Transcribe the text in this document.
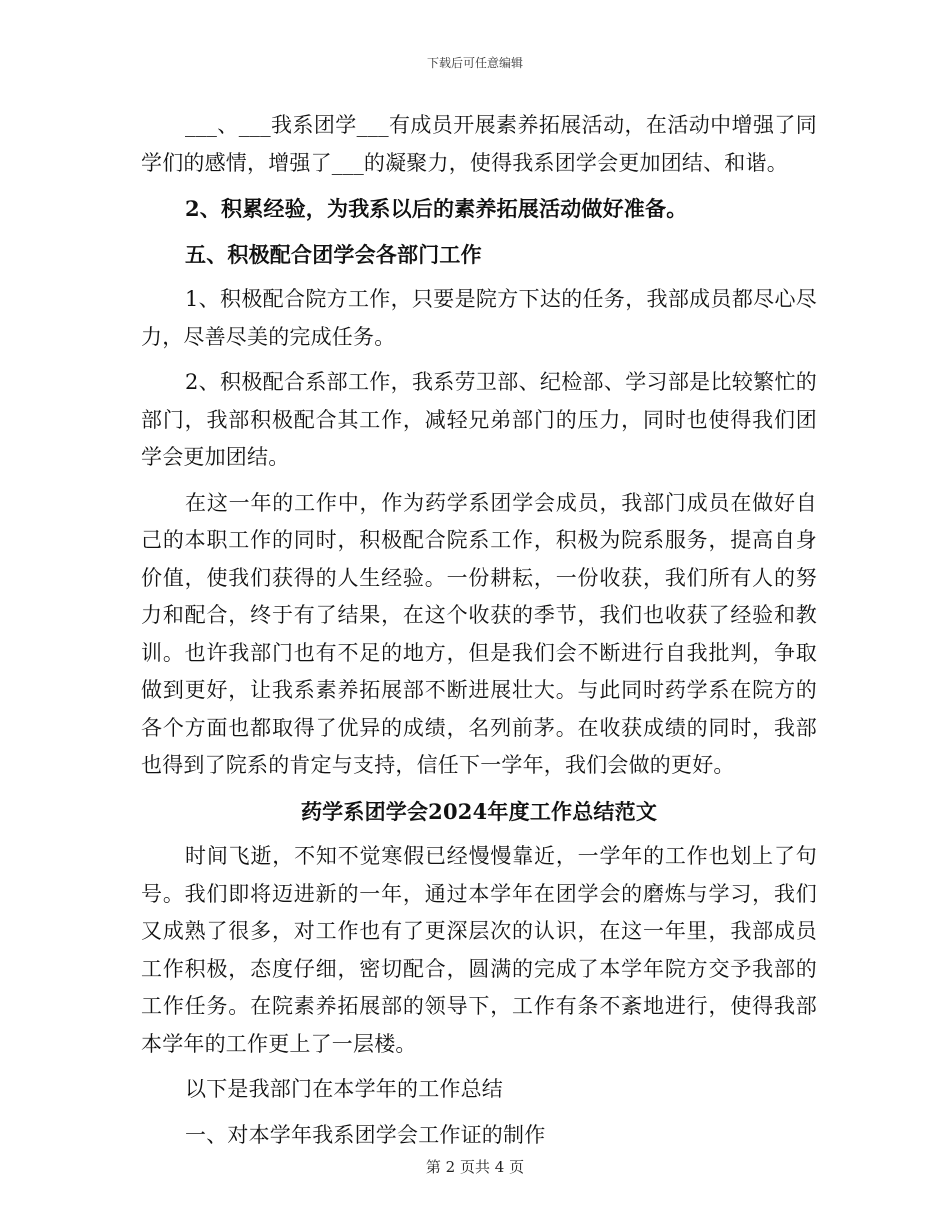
下载后可任意编辑

___、___我系团学___有成员开展素养拓展活动，在活动中增强了同学们的感情，增强了___的凝聚力，使得我系团学会更加团结、和谐。

2、积累经验，为我系以后的素养拓展活动做好准备。

五、积极配合团学会各部门工作

1、积极配合院方工作，只要是院方下达的任务，我部成员都尽心尽力，尽善尽美的完成任务。

2、积极配合系部工作，我系劳卫部、纪检部、学习部是比较繁忙的部门，我部积极配合其工作，减轻兄弟部门的压力，同时也使得我们团学会更加团结。

在这一年的工作中，作为药学系团学会成员，我部门成员在做好自己的本职工作的同时，积极配合院系工作，积极为院系服务，提高自身价值，使我们获得的人生经验。一份耕耘，一份收获，我们所有人的努力和配合，终于有了结果，在这个收获的季节，我们也收获了经验和教训。也许我部门也有不足的地方，但是我们会不断进行自我批判，争取做到更好，让我系素养拓展部不断进展壮大。与此同时药学系在院方的各个方面也都取得了优异的成绩，名列前茅。在收获成绩的同时，我部也得到了院系的肯定与支持，信任下一学年，我们会做的更好。

药学系团学会2024年度工作总结范文

时间飞逝，不知不觉寒假已经慢慢靠近，一学年的工作也划上了句号。我们即将迈进新的一年，通过本学年在团学会的磨炼与学习，我们又成熟了很多，对工作也有了更深层次的认识，在这一年里，我部成员工作积极，态度仔细，密切配合，圆满的完成了本学年院方交予我部的工作任务。在院素养拓展部的领导下，工作有条不紊地进行，使得我部本学年的工作更上了一层楼。

以下是我部门在本学年的工作总结

一、对本学年我系团学会工作证的制作

第 2 页共 4 页
